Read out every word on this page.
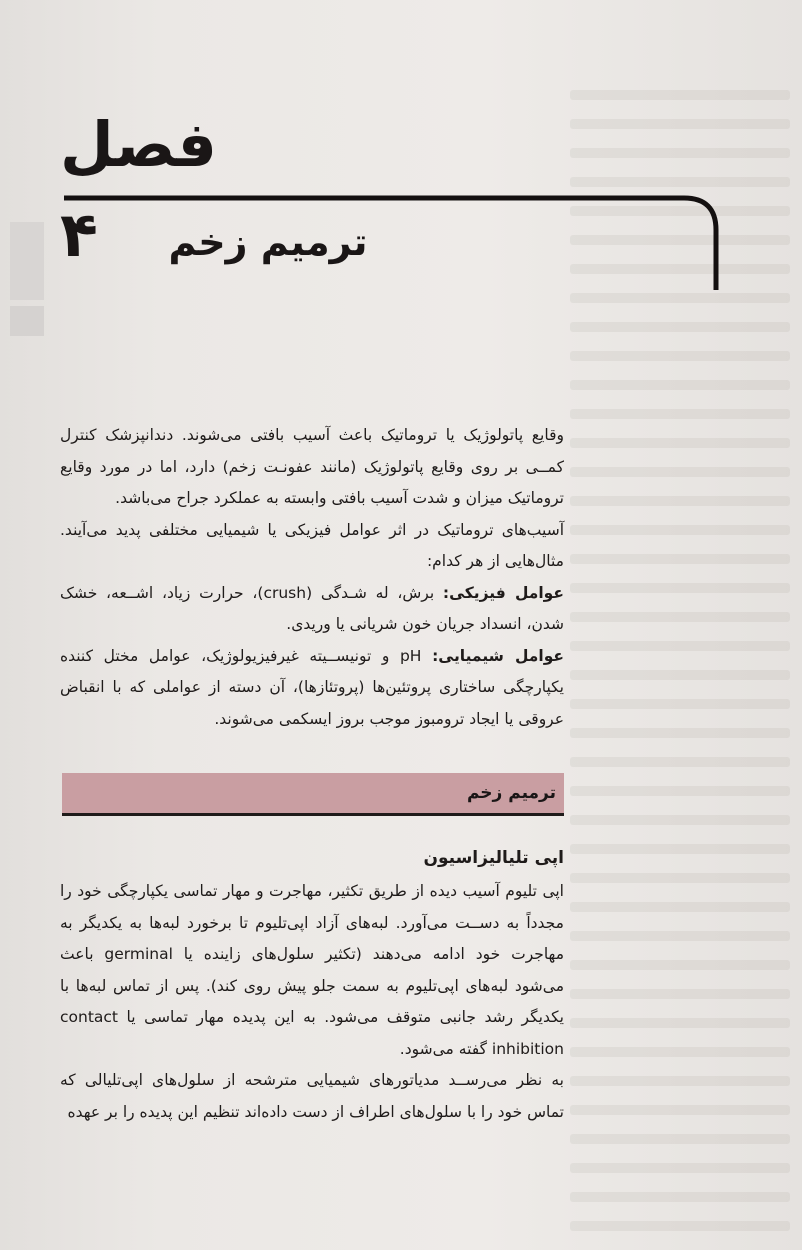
فصل ۴	ترمیم زخم

وقایع پاتولوژیک یا تروماتیک باعث آسیب بافتی می‌شوند. دندانپزشک کنترل کمــی بر روی وقایع پاتولوژیک (مانند عفونـت زخم) دارد، اما در مورد وقایع تروماتیک میزان و شدت آسیب بافتی وابسته به عملکرد جراح می‌باشد.

آسیب‌های تروماتیک در اثر عوامل فیزیکی یا شیمیایی مختلفی پدید می‌آیند. مثال‌هایی از هر کدام:

عوامل فیزیکی: برش، له شـدگی (crush)، حرارت زیاد، اشــعه، خشک شدن، انسداد جریان خون شریانی یا وریدی.

عوامل شیمیایی: pH و تونیســیته غیرفیزیولوژیک، عوامل مختل کننده یکپارچگی ساختاری پروتئین‌ها (پروتئازها)، آن دسته از عواملی که با انقباض عروقی یا ایجاد ترومبوز موجب بروز ایسکمی می‌شوند.

ترمیم زخم
اپی تلیالیزاسیون

اپی تلیوم آسیب دیده از طریق تکثیر، مهاجرت و مهار تماسی یکپارچگی خود را مجدداً به دســت می‌آورد. لبه‌های آزاد اپی‌تلیوم تا برخورد لبه‌ها به یکدیگر به مهاجرت خود ادامه می‌دهند (تکثیر سلول‌های زاینده یا germinal باعث می‌شود لبه‌های اپی‌تلیوم به سمت جلو پیش روی کند). پس از تماس لبه‌ها با یکدیگر رشد جانبی متوقف می‌شود. به این پدیده مهار تماسی یا contact inhibition گفته می‌شود.

به نظر می‌رســد مدیاتورهای شیمیایی مترشحه از سلول‌های اپی‌تلیالی که تماس خود را با سلول‌های اطراف از دست داده‌اند تنظیم این پدیده را بر عهده
